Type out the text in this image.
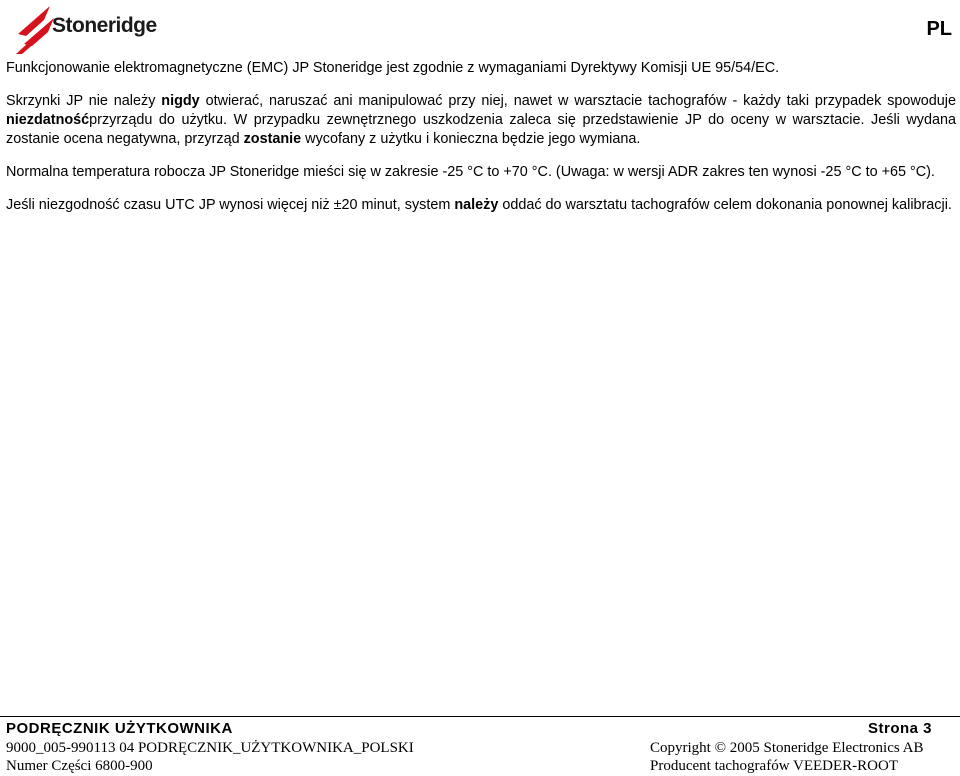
Stoneridge	PL

Funkcjonowanie elektromagnetyczne (EMC) JP Stoneridge jest zgodnie z wymaganiami Dyrektywy Komisji UE 95/54/EC.

Skrzynki JP nie należy nigdy otwierać, naruszać ani manipulować przy niej, nawet w warsztacie tachografów - każdy taki przypadek spowoduje niezdatnośćprzyrządu do użytku. W przypadku zewnętrznego uszkodzenia zaleca się przedstawienie JP do oceny w warsztacie. Jeśli wydana zostanie ocena negatywna, przyrząd zostanie wycofany z użytku i konieczna będzie jego wymiana.

Normalna temperatura robocza JP Stoneridge mieści się w zakresie -25 °C to +70 °C. (Uwaga: w wersji ADR zakres ten wynosi -25 °C to +65 °C).

Jeśli niezgodność czasu UTC JP wynosi więcej niż ±20 minut, system należy oddać do warsztatu tachografów celem dokonania ponownej kalibracji.

PODRĘCZNIK UŻYTKOWNIKA	Strona 3
9000_005-990113 04 PODRĘCZNIK_UŻYTKOWNIKA_POLSKI
Numer Części 6800-900
Copyright © 2005 Stoneridge Electronics AB
Producent tachografów VEEDER-ROOT
